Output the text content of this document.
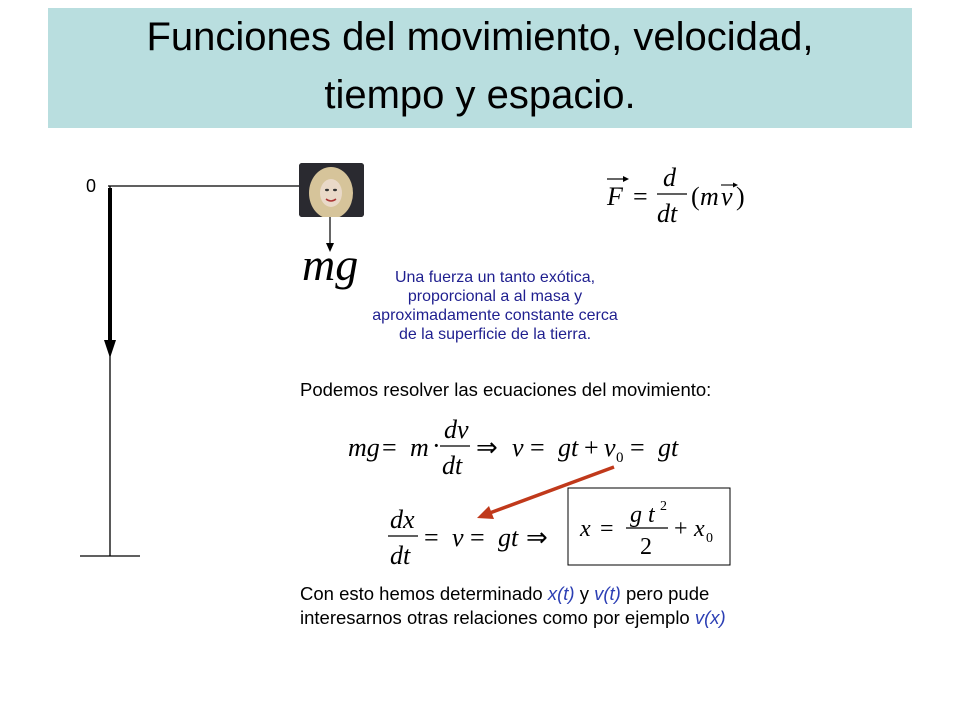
Funciones del movimiento, velocidad,
tiempo y espacio.
0
mg	Una fuerza un tanto exótica,
proporcional a al masa y
aproximadamente constante cerca
de la superficie de la tierra.
F =
d
dt
( m v )
Podemos resolver las ecuaciones del movimiento:
mg = m ·
dv
dt
⇒ v = gt + v 0 = gt
dx
dt
= v = gt ⇒ x =
g t 2
2
+ x 0
Con esto hemos determinado x(t) y v(t) pero pude
interesarnos otras relaciones como por ejemplo v(x)
